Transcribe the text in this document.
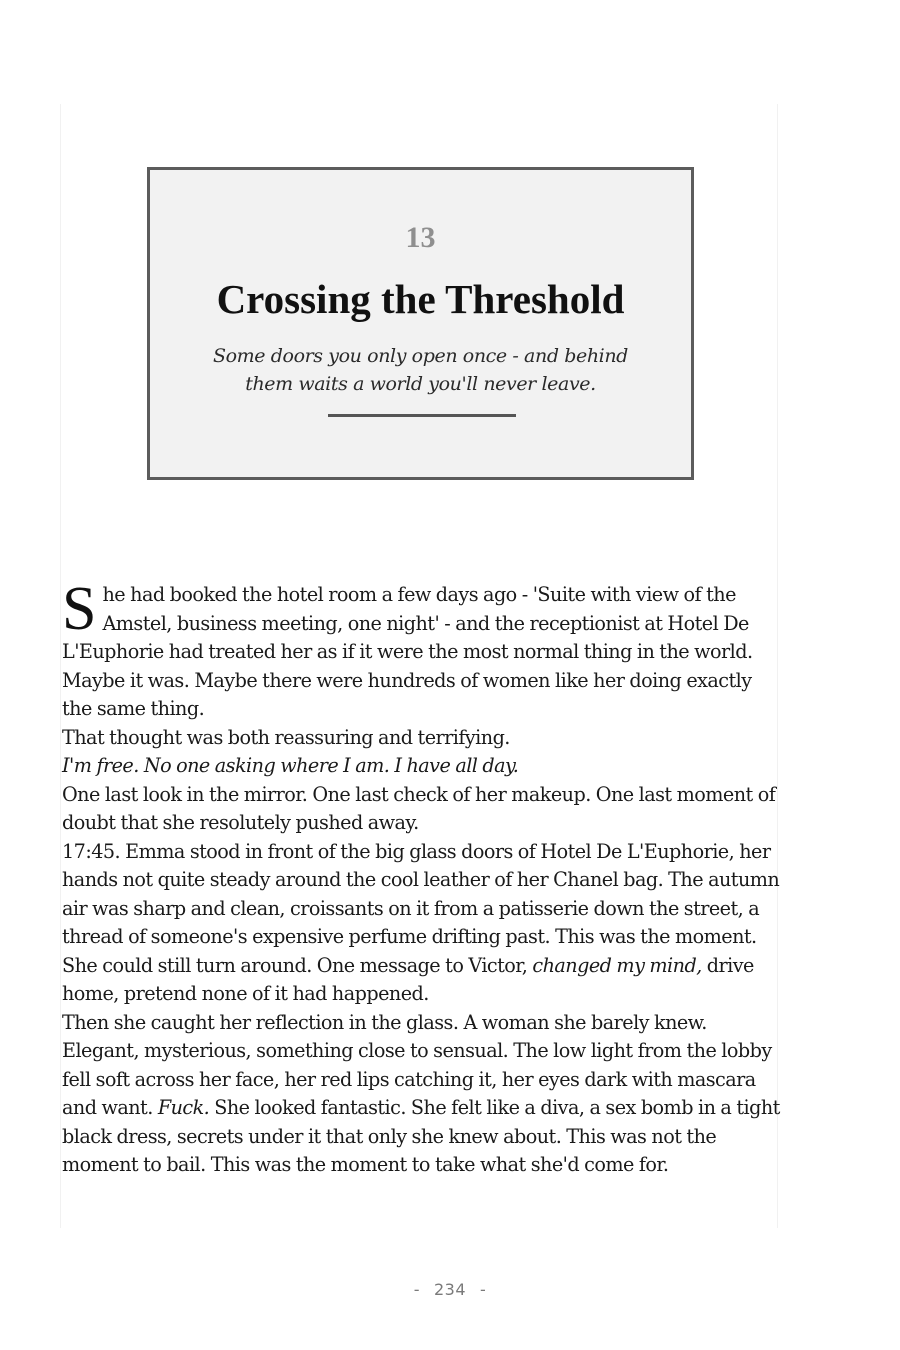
13
Crossing the Threshold
Some doors you only open once - and behind them waits a world you'll never leave.

She had booked the hotel room a few days ago - 'Suite with view of the Amstel, business meeting, one night' - and the receptionist at Hotel De L'Euphorie had treated her as if it were the most normal thing in the world. Maybe it was. Maybe there were hundreds of women like her doing exactly the same thing.

That thought was both reassuring and terrifying.

I'm free. No one asking where I am. I have all day.

One last look in the mirror. One last check of her makeup. One last moment of doubt that she resolutely pushed away.

17:45. Emma stood in front of the big glass doors of Hotel De L'Euphorie, her hands not quite steady around the cool leather of her Chanel bag. The autumn air was sharp and clean, croissants on it from a patisserie down the street, a thread of someone's expensive perfume drifting past. This was the moment. She could still turn around. One message to Victor, changed my mind, drive home, pretend none of it had happened.

Then she caught her reflection in the glass. A woman she barely knew. Elegant, mysterious, something close to sensual. The low light from the lobby fell soft across her face, her red lips catching it, her eyes dark with mascara and want. Fuck. She looked fantastic. She felt like a diva, a sex bomb in a tight black dress, secrets under it that only she knew about. This was not the moment to bail. This was the moment to take what she'd come for.

- 234 -
